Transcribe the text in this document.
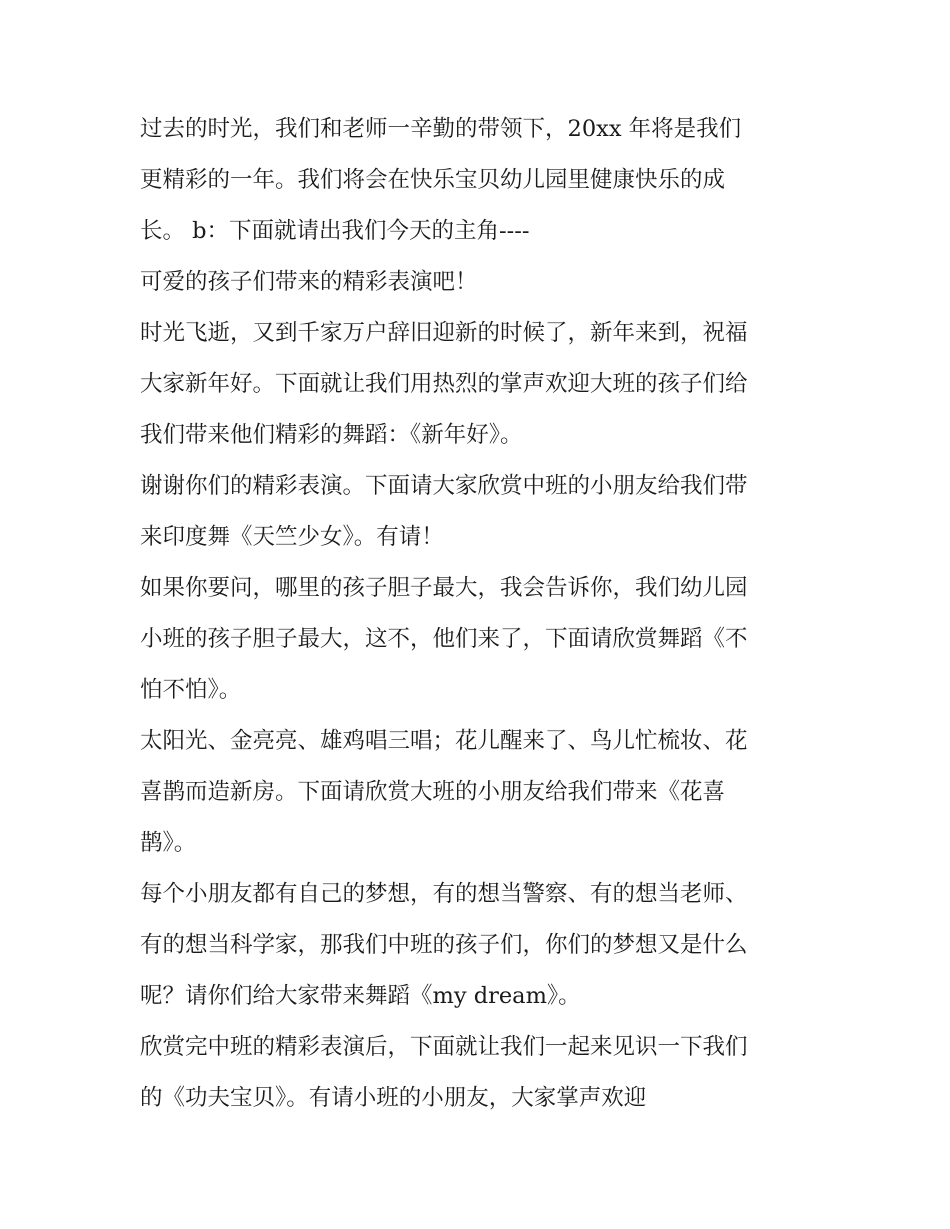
过去的时光，我们和老师一辛勤的带领下，20xx 年将是我们
更精彩的一年。我们将会在快乐宝贝幼儿园里健康快乐的成
长。 b：下面就请出我们今天的主角----
可爱的孩子们带来的精彩表演吧！
时光飞逝，又到千家万户辞旧迎新的时候了，新年来到，祝福
大家新年好。下面就让我们用热烈的掌声欢迎大班的孩子们给
我们带来他们精彩的舞蹈：《新年好》。
谢谢你们的精彩表演。下面请大家欣赏中班的小朋友给我们带
来印度舞《天竺少女》。有请！
如果你要问，哪里的孩子胆子最大，我会告诉你，我们幼儿园
小班的孩子胆子最大，这不，他们来了，下面请欣赏舞蹈《不
怕不怕》。
太阳光、金亮亮、雄鸡唱三唱；花儿醒来了、鸟儿忙梳妆、花
喜鹊而造新房。下面请欣赏大班的小朋友给我们带来《花喜
鹊》。
每个小朋友都有自己的梦想，有的想当警察、有的想当老师、
有的想当科学家，那我们中班的孩子们，你们的梦想又是什么
呢？请你们给大家带来舞蹈《my dream》。
欣赏完中班的精彩表演后，下面就让我们一起来见识一下我们
的《功夫宝贝》。有请小班的小朋友，大家掌声欢迎
